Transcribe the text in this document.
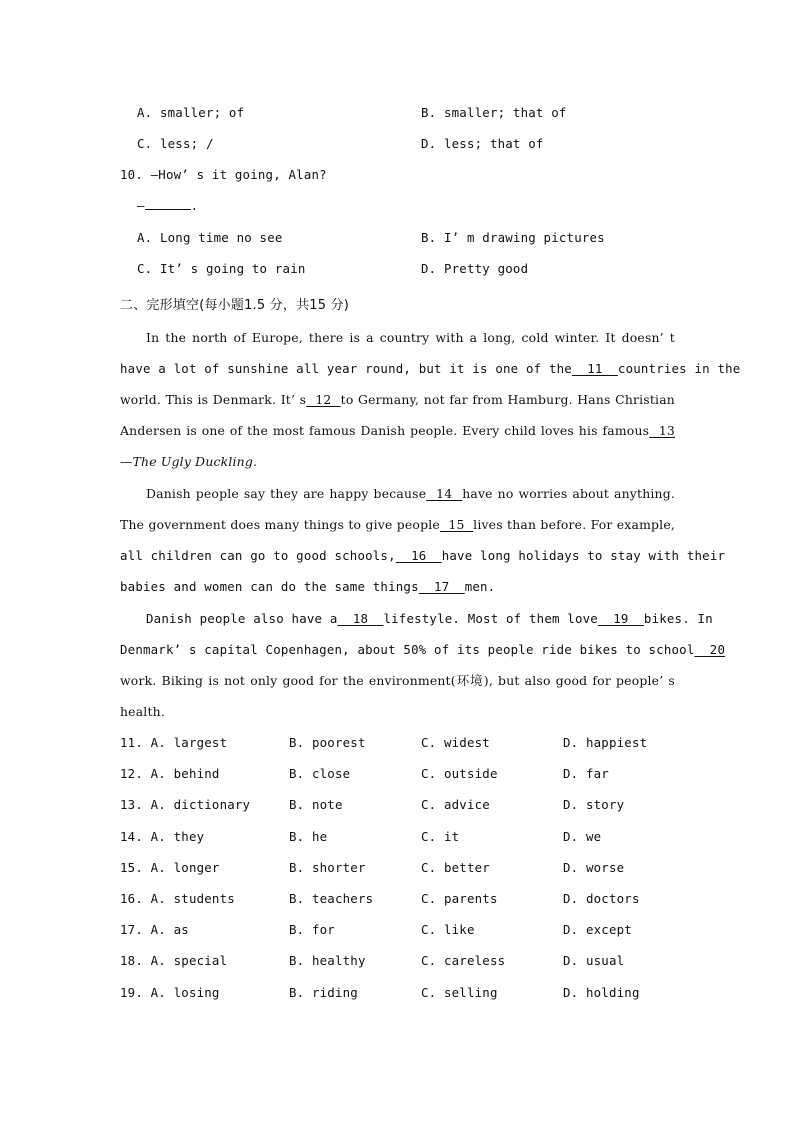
A. smaller; of	B. smaller; that of
C. less; /	D. less; that of
10. —How’ s it going, Alan?
—	.
A. Long time no see	B. I’ m drawing pictures
C. It’ s going to rain	D. Pretty good
二、完形填空(每小题1.5 分，共15 分)
In the north of Europe, there is a country with a long, cold winter. It doesn’ t
have a lot of sunshine all year round, but it is one of the  11  countries in the
world. This is Denmark. It’ s  12  to Germany, not far from Hamburg. Hans Christian
Andersen is one of the most famous Danish people. Every child loves his famous  13
—The Ugly Duckling.
Danish people say they are happy because  14  have no worries about anything.
The government does many things to give people  15  lives than before. For example,
all children can go to good schools,  16  have long holidays to stay with their
babies and women can do the same things  17  men.
Danish people also have a  18  lifestyle. Most of them love  19  bikes. In
Denmark’ s capital Copenhagen, about 50% of its people ride bikes to school  20
work. Biking is not only good for the environment(环境), but also good for people’ s
health.
11. A. largest	B. poorest	C. widest	D. happiest
12. A. behind	B. close	C. outside	D. far
13. A. dictionary	B. note	C. advice	D. story
14. A. they	B. he	C. it	D. we
15. A. longer	B. shorter	C. better	D. worse
16. A. students	B. teachers	C. parents	D. doctors
17. A. as	B. for	C. like	D. except
18. A. special	B. healthy	C. careless	D. usual
19. A. losing	B. riding	C. selling	D. holding
